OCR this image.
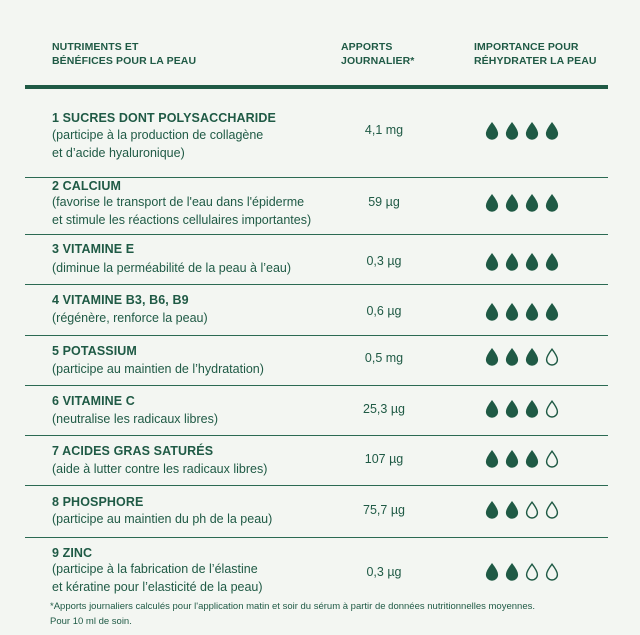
NUTRIMENTS ET
BÉNÉFICES POUR LA PEAU
APPORTS
JOURNALIER*
IMPORTANCE POUR
RÉHYDRATER LA PEAU
1 SUCRES DONT POLYSACCHARIDE
(participe à la production de collagène
et d’acide hyaluronique)
4,1 mg
2 CALCIUM
(favorise le transport de l'eau dans l'épiderme
et stimule les réactions cellulaires importantes)
59 µg
3 VITAMINE E
(diminue la perméabilité de la peau à l’eau)	0,3 µg
4 VITAMINE B3, B6, B9
(régénère, renforce la peau)	0,6 µg
5 POTASSIUM
(participe au maintien de l’hydratation)
0,5 mg
6 VITAMINE C
(neutralise les radicaux libres)
25,3 µg
7 ACIDES GRAS SATURÉS
(aide à lutter contre les radicaux libres)
107 µg
8 PHOSPHORE
(participe au maintien du ph de la peau)
75,7 µg
9 ZINC
(participe à la fabrication de l’élastine
et kératine pour l’elasticité de la peau)
0,3 µg
*Apports journaliers calculés pour l'application matin et soir du sérum à partir de données nutritionnelles moyennes.
Pour 10 ml de soin.
